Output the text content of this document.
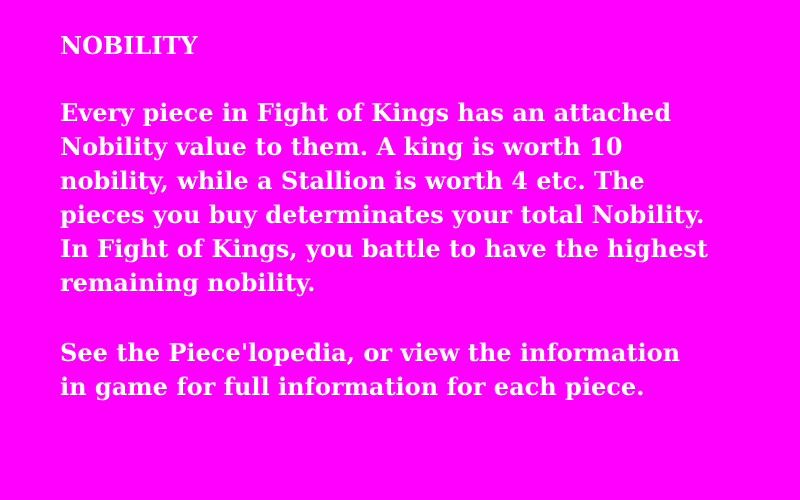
NOBILITY
Every piece in Fight of Kings has an attached
Nobility value to them. A king is worth 10
nobility, while a Stallion is worth 4 etc. The
pieces you buy determinates your total Nobility.
In Fight of Kings, you battle to have the highest
remaining nobility.
See the Piece'lopedia, or view the information
in game for full information for each piece.
